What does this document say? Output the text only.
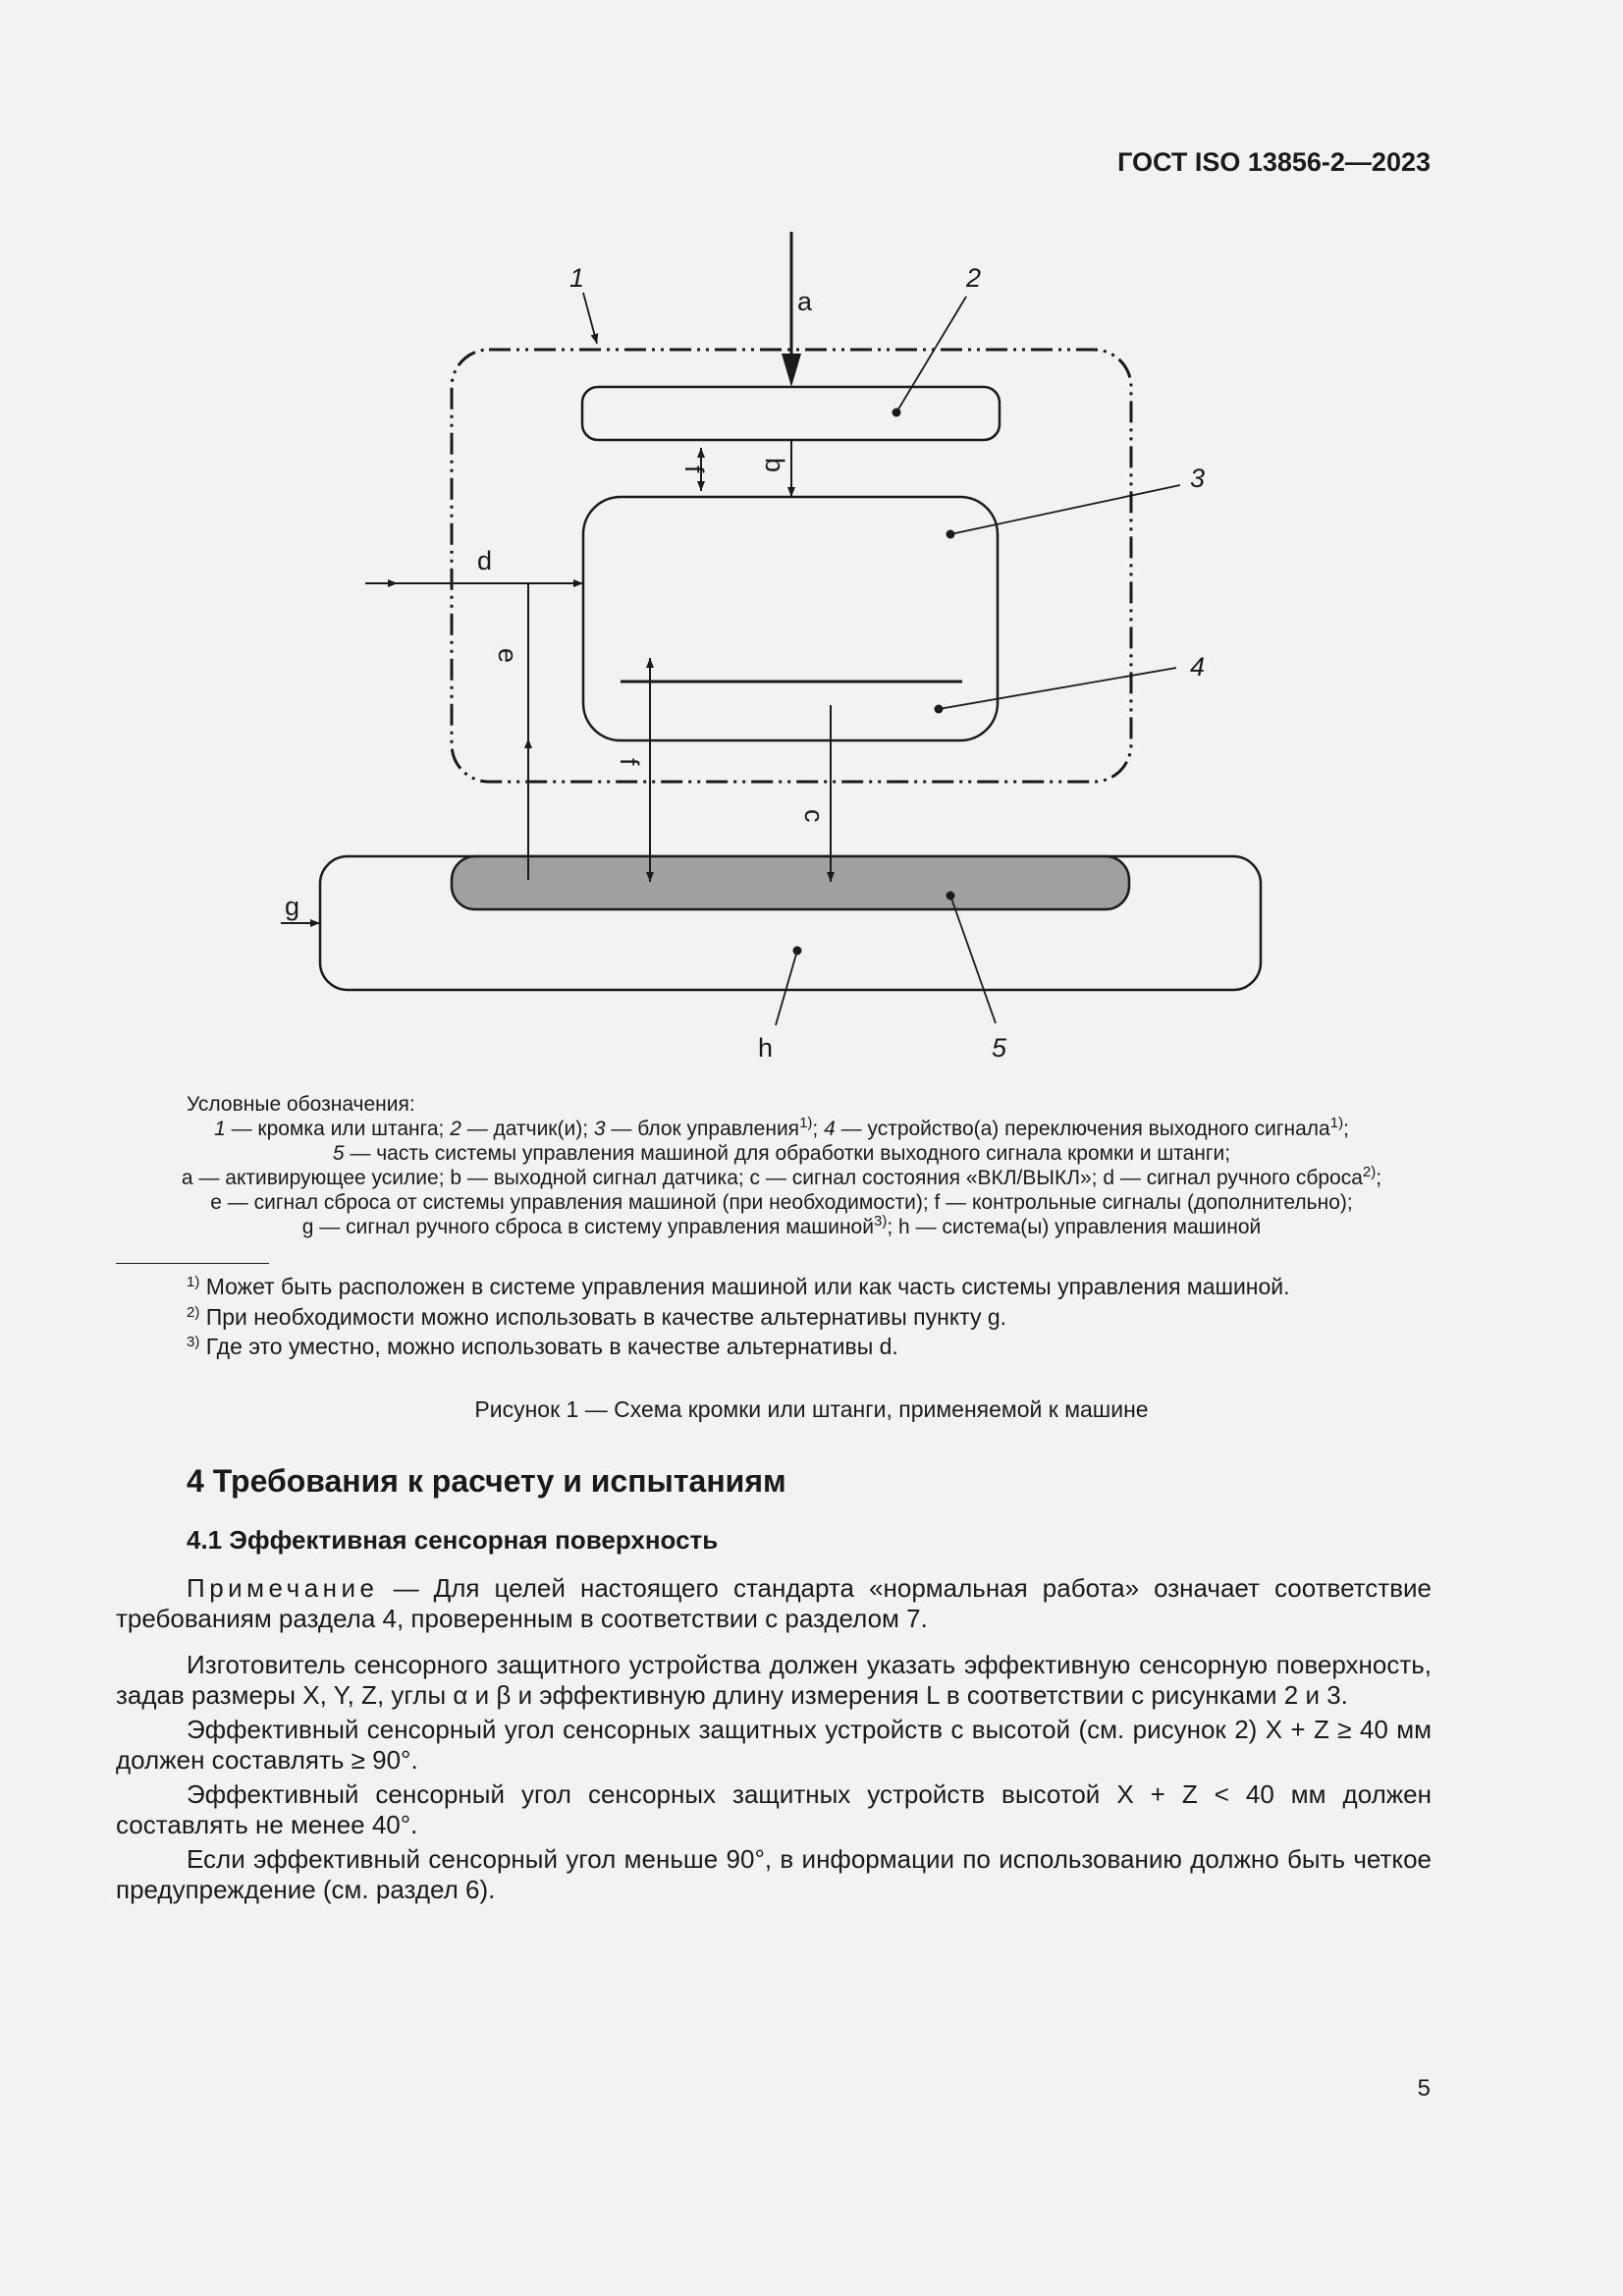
ГОСТ ISO 13856-2—2023
1	2
3
4
5
a
d
g
h
f b
e
f
c
Условные обозначения:
1 — кромка или штанга; 2 — датчик(и); 3 — блок управления$^{1)}$; 4 — устройство(а) переключения выходного сигнала$^{1)}$;
5 — часть системы управления машиной для обработки выходного сигнала кромки и штанги;
a — активирующее усилие; b — выходной сигнал датчика; c — сигнал состояния «ВКЛ/ВЫКЛ»; d — сигнал ручного сброса$^{2)}$;
e — сигнал сброса от системы управления машиной (при необходимости); f — контрольные сигналы (дополнительно);
g — сигнал ручного сброса в систему управления машиной$^{3)}$; h — система(ы) управления машиной
$^{1)}$ Может быть расположен в системе управления машиной или как часть системы управления машиной.
$^{2)}$ При необходимости можно использовать в качестве альтернативы пункту g.
$^{3)}$ Где это уместно, можно использовать в качестве альтернативы d.
Рисунок 1 — Схема кромки или штанги, применяемой к машине
4 Требования к расчету и испытаниям
4.1 Эффективная сенсорная поверхность
Примечание — Для целей настоящего стандарта «нормальная работа» означает соответствие требованиям раздела 4, проверенным в соответствии с разделом 7.
Изготовитель сенсорного защитного устройства должен указать эффективную сенсорную поверхность, задав размеры X, Y, Z, углы α и β и эффективную длину измерения L в соответствии с рисунками 2 и 3.
Эффективный сенсорный угол сенсорных защитных устройств с высотой (см. рисунок 2) X + Z ≥ 40 мм должен составлять ≥ 90°.
Эффективный сенсорный угол сенсорных защитных устройств высотой X + Z < 40 мм должен составлять не менее 40°.
Если эффективный сенсорный угол меньше 90°, в информации по использованию должно быть четкое предупреждение (см. раздел 6).
5
